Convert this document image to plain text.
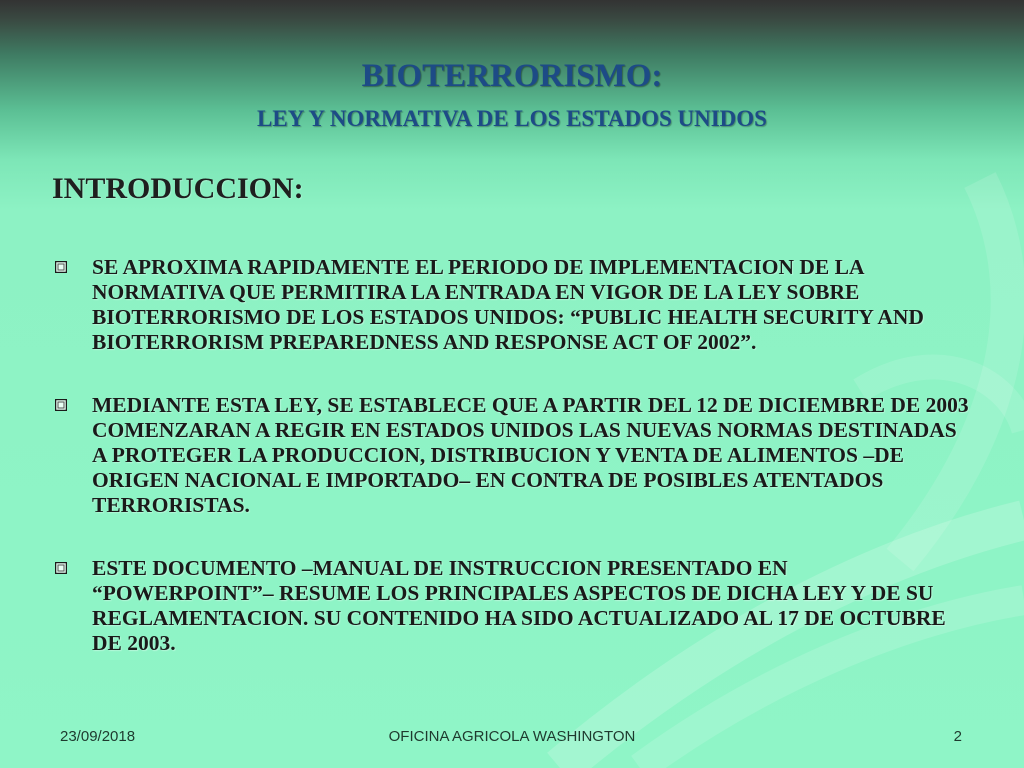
BIOTERRORISMO:
LEY Y NORMATIVA DE LOS ESTADOS UNIDOS
INTRODUCCION:
SE APROXIMA RAPIDAMENTE EL PERIODO DE IMPLEMENTACION DE LA NORMATIVA QUE PERMITIRA LA ENTRADA EN VIGOR DE LA LEY SOBRE BIOTERRORISMO DE LOS ESTADOS UNIDOS: “PUBLIC HEALTH SECURITY AND BIOTERRORISM PREPAREDNESS AND RESPONSE ACT OF 2002”.
MEDIANTE ESTA LEY, SE ESTABLECE QUE A PARTIR DEL 12 DE DICIEMBRE DE 2003 COMENZARAN A REGIR EN ESTADOS UNIDOS LAS NUEVAS NORMAS DESTINADAS A PROTEGER LA PRODUCCION, DISTRIBUCION Y VENTA DE ALIMENTOS –DE ORIGEN NACIONAL E IMPORTADO– EN CONTRA DE POSIBLES ATENTADOS TERRORISTAS.
ESTE DOCUMENTO –MANUAL DE INSTRUCCION PRESENTADO EN “POWERPOINT”– RESUME LOS PRINCIPALES ASPECTOS DE DICHA LEY Y DE SU REGLAMENTACION. SU CONTENIDO HA SIDO ACTUALIZADO AL 17 DE OCTUBRE DE 2003.
23/09/2018	OFICINA AGRICOLA WASHINGTON	2
